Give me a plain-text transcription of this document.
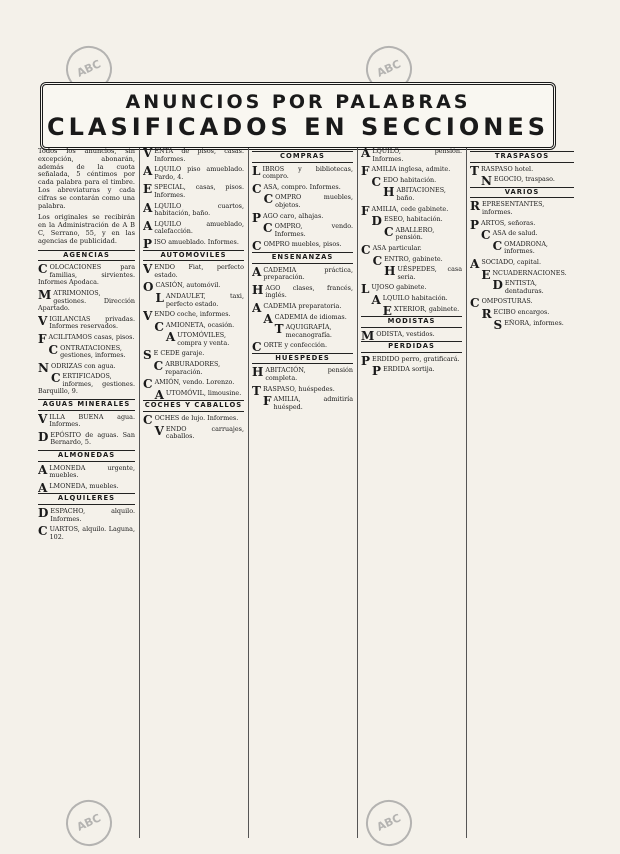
ABC	ABC
ABC	ABC
ANUNCIOS POR PALABRAS
CLASIFICADOS EN SECCIONES
Todos los anuncios, sin excepción, abonarán, además de la cuota señalada, 5 céntimos por cada palabra para el timbre. Los abreviaturas y cada cifras se contarán como una palabra.
Los originales se recibirán en la Administración de A B C, Serrano, 55, y en las agencias de publicidad.
AGENCIAS
COLOCACIONES para familias, sirvientes. Informes Apodaca.
MATRIMONIOS, gestiones. Dirección Apartado.
VIGILANCIAS privadas. Informes reservados.
FACILITAMOS casas, pisos.
CONTRATACIONES, gestiones, informes.
NODRIZAS con agua.
CERTIFICADOS, informes, gestiones. Barquillo, 9.
AGUAS MINERALES
VILLA BUENA agua. Informes.
DEPÓSITO de aguas. San Bernardo, 5.
ALMONEDAS
ALMONEDA urgente, muebles.
ALMONEDA, muebles.
ALQUILERES
DESPACHO, alquilo. Informes.
CUARTOS, alquilo. Laguna, 102.
VENTA de pisos, casas. Informes.
ALQUILO piso amueblado. Pardo, 4.
ESPECIAL, casas, pisos. Informes.
ALQUILO cuartos, habitación, baño.
ALQUILO amueblado, calefacción.
PISO amueblado. Informes.
AUTOMÓVILES
VENDO Fiat, perfecto estado.
OCASIÓN, automóvil.
LANDAULET, taxi, perfecto estado.
VENDO coche, informes.
CAMIONETA, ocasión.
AUTOMÓVILES, compra y venta.
S E CEDE garaje.
CARBURADORES, reparación.
CAMIÓN, vendo. Lorenzo.
AUTOMÓVIL, limousine.
COCHES Y CABALLOS
COCHES de lujo. Informes.
VENDO carruajes, caballos.
COMPRAS
LIBROS y bibliotecas, compro.
CASA, compro. Informes.
COMPRO muebles, objetos.
PAGO caro, alhajas.
COMPRO, vendo. Informes.
COMPRO muebles, pisos.
ENSEÑANZAS
ACADEMIA práctica, preparación.
HAGO clases, francés, inglés.
ACADEMIA preparatoria.
ACADEMIA de idiomas.
TAQUIGRAFÍA, mecanografía.
CORTE y confección.
HUÉSPEDES
HABITACIÓN, pensión completa.
TRASPASO, huéspedes.
FAMILIA, admitiría huésped.
ALQUILO, pensión. Informes.
FAMILIA inglesa, admite.
CEDO habitación.
HABITACIONES, baño.
FAMILIA, cede gabinete.
DESEO, habitación.
CABALLERO, pensión.
CASA particular.
CENTRO, gabinete.
HUÉSPEDES, casa seria.
LUJOSO gabinete.
ALQUILO habitación.
EXTERIOR, gabinete.
MODISTAS
MODISTA, vestidos.
PERDIDAS
PERDIDO perro, gratificará.
PERDIDA sortija.
TRASPASOS
TRASPASO hotel.
NEGOCIO, traspaso.
VARIOS
REPRESENTANTES, informes.
PARTOS, señoras.
CASA de salud.
COMADRONA, informes.
ASOCIADO, capital.
ENCUADERNACIONES.
DENTISTA, dentaduras.
COMPOSTURAS.
RECIBO encargos.
SEÑORA, informes.
